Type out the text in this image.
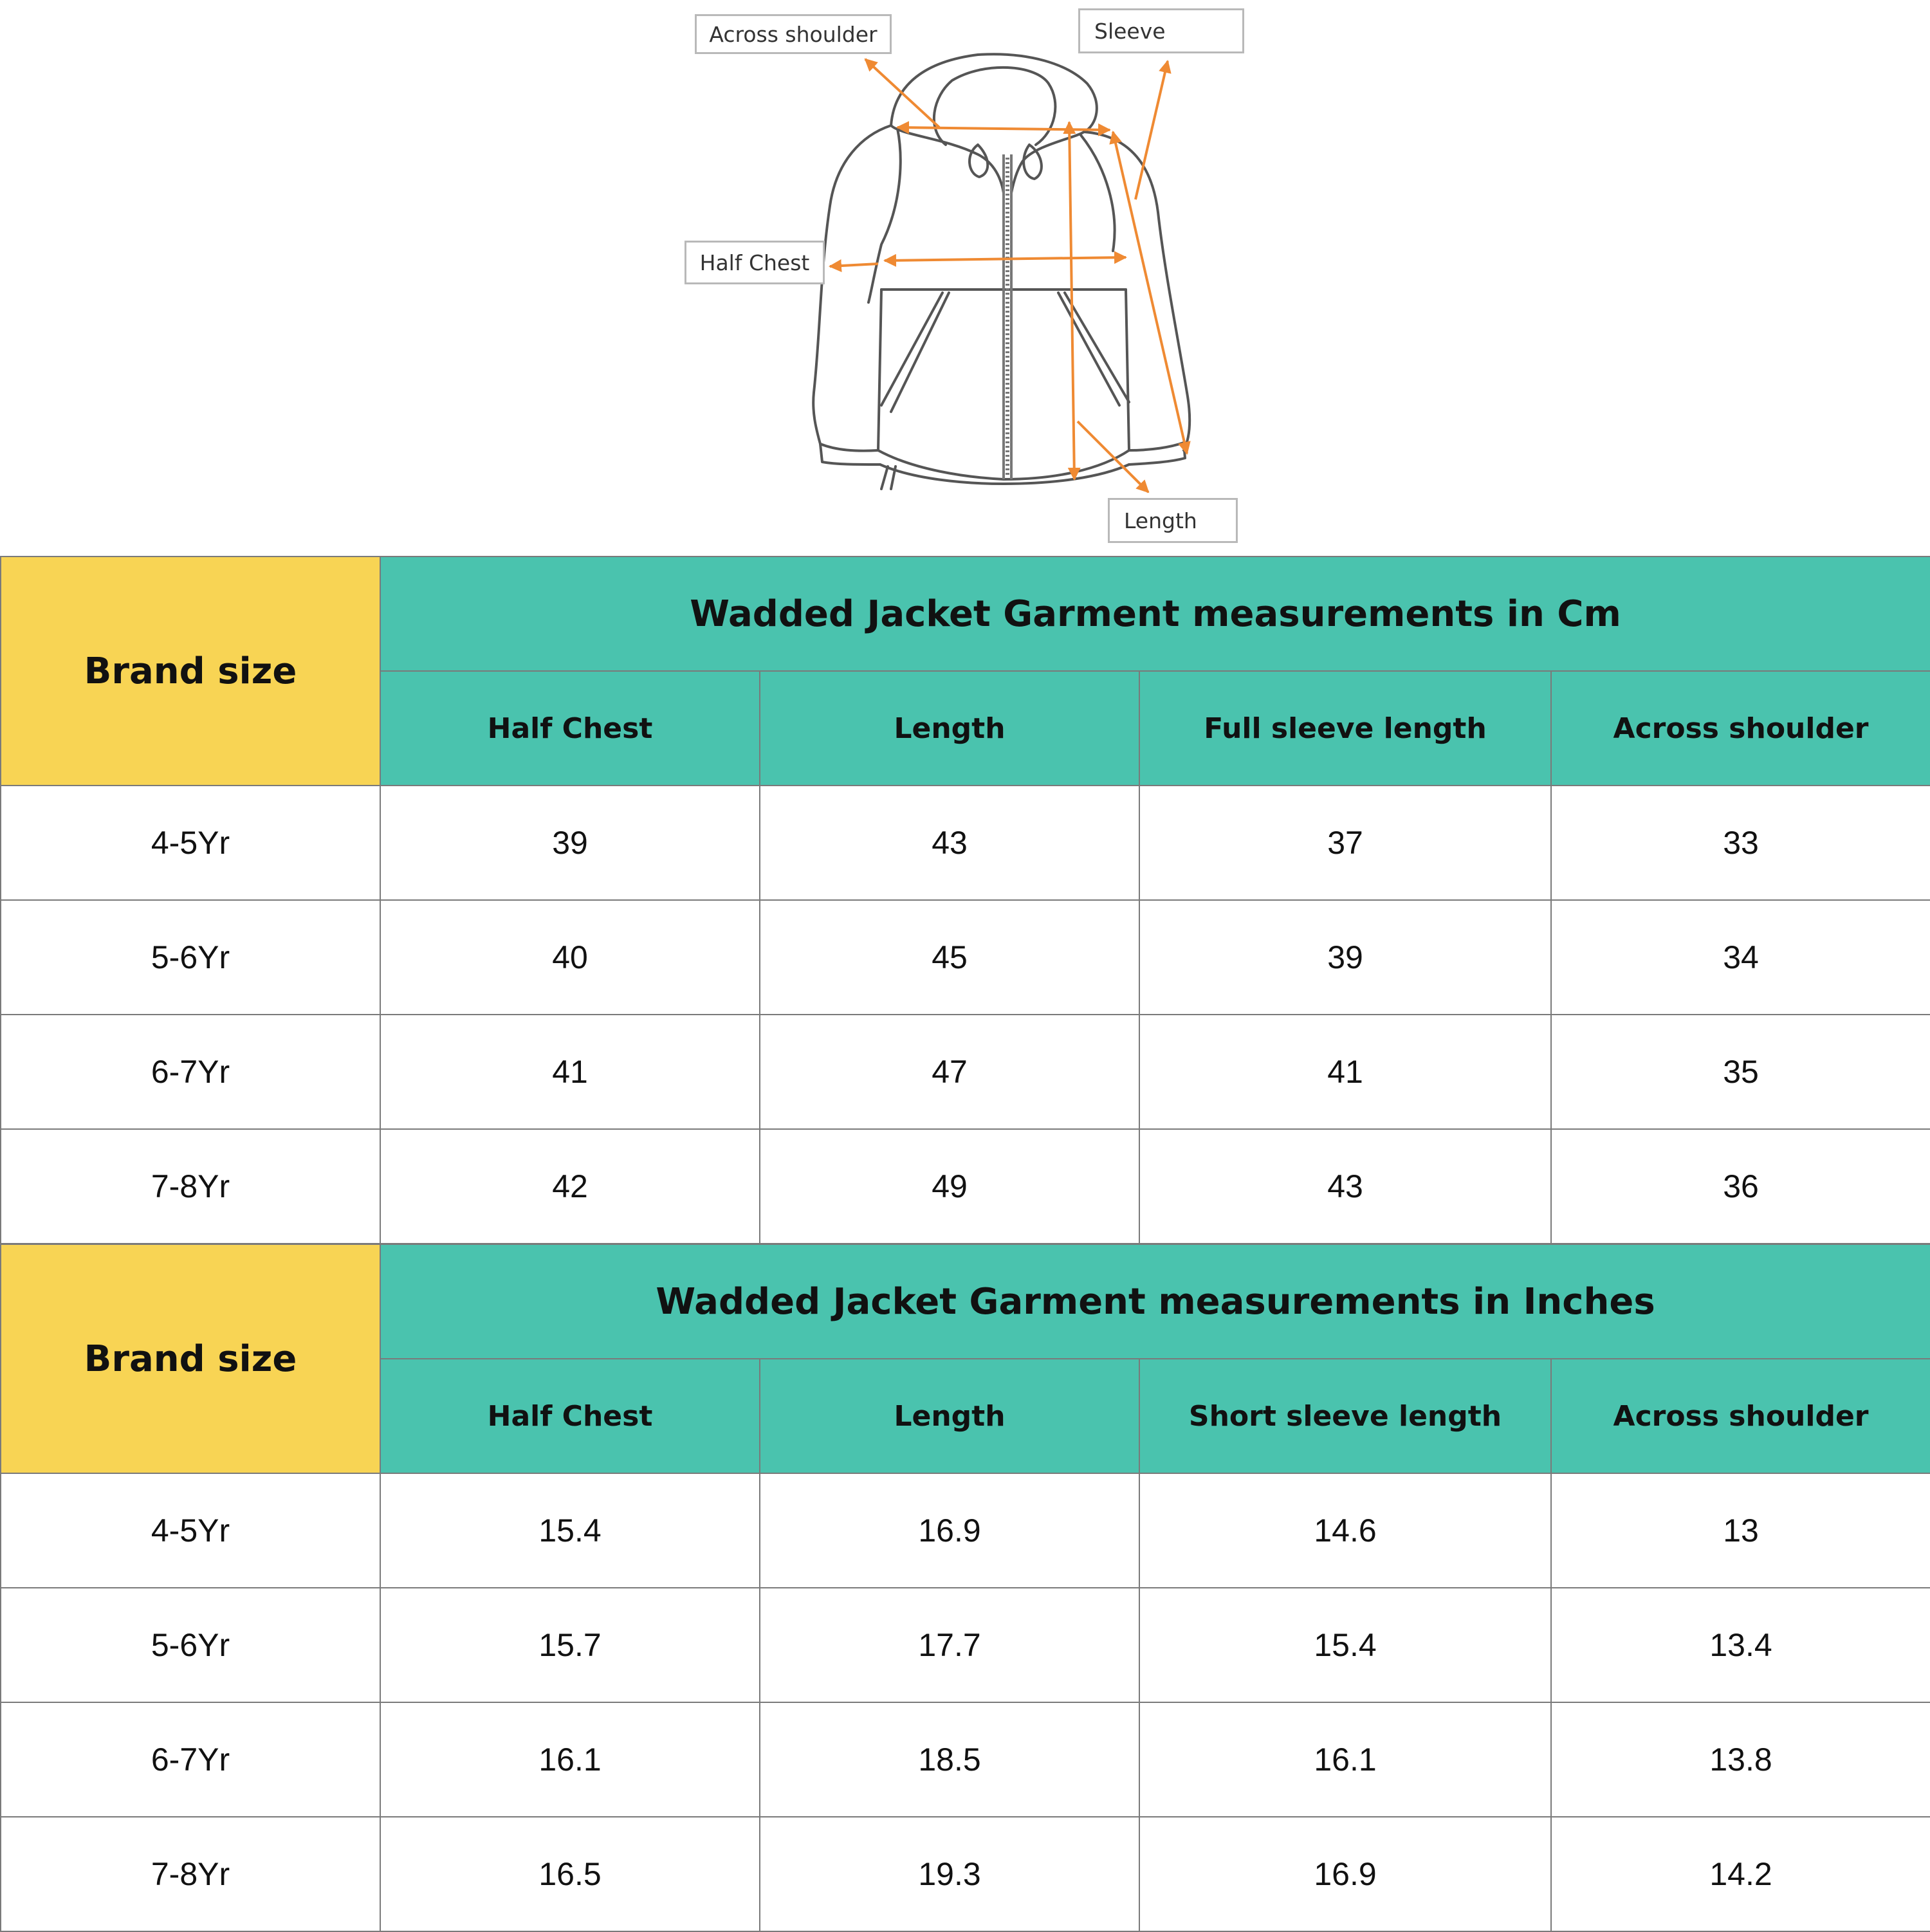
Across shoulder	Sleeve
Half Chest
Length
Brand size	Wadded Jacket Garment measurements in Cm			
	Half Chest	Length	Full sleeve length	Across shoulder
4-5Yr	39	43	37	33
5-6Yr	40	45	39	34
6-7Yr	41	47	41	35
7-8Yr	42	49	43	36
Brand size	Wadded Jacket Garment measurements in Inches			
	Half Chest	Length	Short sleeve length	Across shoulder
4-5Yr	15.4	16.9	14.6	13
5-6Yr	15.7	17.7	15.4	13.4
6-7Yr	16.1	18.5	16.1	13.8
7-8Yr	16.5	19.3	16.9	14.2
